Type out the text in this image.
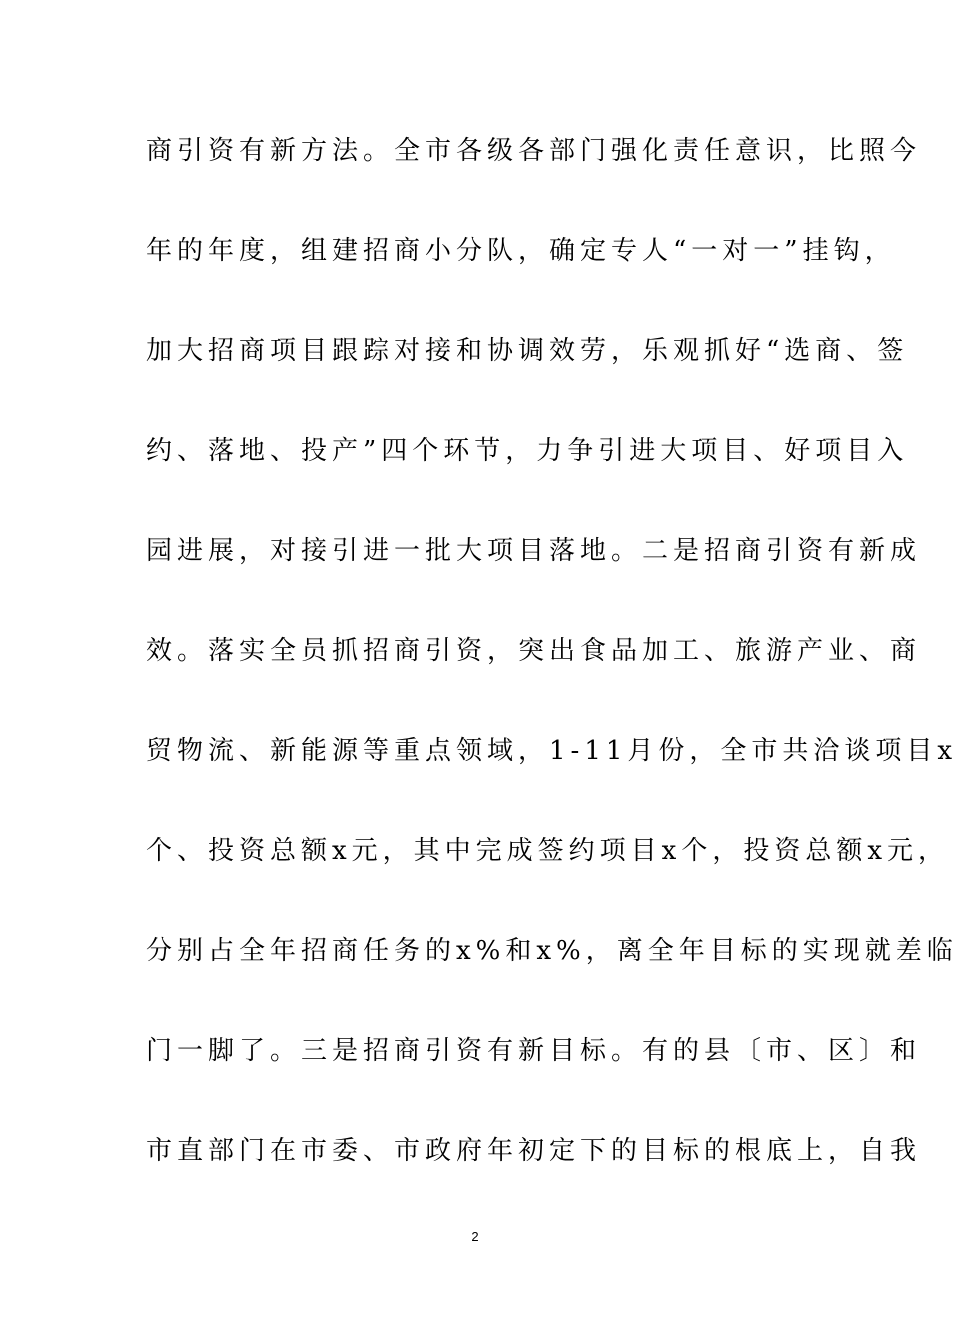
商引资有新方法。全市各级各部门强化责任意识，比照今
年的年度，组建招商小分队，确定专人“一对一”挂钩，
加大招商项目跟踪对接和协调效劳，乐观抓好“选商、签
约、落地、投产”四个环节，力争引进大项目、好项目入
园进展，对接引进一批大项目落地。二是招商引资有新成
效。落实全员抓招商引资，突出食品加工、旅游产业、商
贸物流、新能源等重点领域，1-11月份，全市共洽谈项目x
个、投资总额x元，其中完成签约项目x个，投资总额x元，
分别占全年招商任务的x%和x%，离全年目标的实现就差临
门一脚了。三是招商引资有新目标。有的县〔市、区〕和
市直部门在市委、市政府年初定下的目标的根底上，自我
2
